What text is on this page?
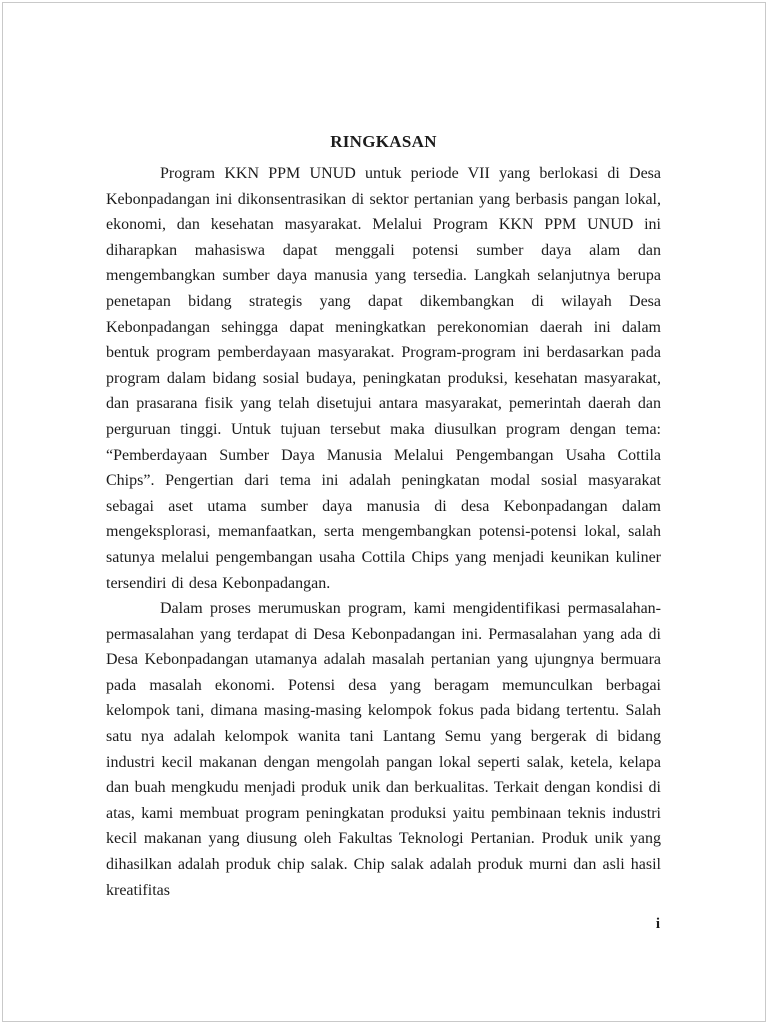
RINGKASAN

Program KKN PPM UNUD untuk periode VII yang berlokasi di Desa Kebonpadangan ini dikonsentrasikan di sektor pertanian yang berbasis pangan lokal, ekonomi, dan kesehatan masyarakat. Melalui Program KKN PPM UNUD ini diharapkan mahasiswa dapat menggali potensi sumber daya alam dan mengembangkan sumber daya manusia yang tersedia. Langkah selanjutnya berupa penetapan bidang strategis yang dapat dikembangkan di wilayah Desa Kebonpadangan sehingga dapat meningkatkan perekonomian daerah ini dalam bentuk program pemberdayaan masyarakat. Program-program ini berdasarkan pada program dalam bidang sosial budaya, peningkatan produksi, kesehatan masyarakat, dan prasarana fisik yang telah disetujui antara masyarakat, pemerintah daerah dan perguruan tinggi. Untuk tujuan tersebut maka diusulkan program dengan tema: “Pemberdayaan Sumber Daya Manusia Melalui Pengembangan Usaha Cottila Chips”. Pengertian dari tema ini adalah peningkatan modal sosial masyarakat sebagai aset utama sumber daya manusia di desa Kebonpadangan dalam mengeksplorasi, memanfaatkan, serta mengembangkan potensi-potensi lokal, salah satunya melalui pengembangan usaha Cottila Chips yang menjadi keunikan kuliner tersendiri di desa Kebonpadangan.

Dalam proses merumuskan program, kami mengidentifikasi permasalahan-permasalahan yang terdapat di Desa Kebonpadangan ini. Permasalahan yang ada di Desa Kebonpadangan utamanya adalah masalah pertanian yang ujungnya bermuara pada masalah ekonomi. Potensi desa yang beragam memunculkan berbagai kelompok tani, dimana masing-masing kelompok fokus pada bidang tertentu. Salah satu nya adalah kelompok wanita tani Lantang Semu yang bergerak di bidang industri kecil makanan dengan mengolah pangan lokal seperti salak, ketela, kelapa dan buah mengkudu menjadi produk unik dan berkualitas. Terkait dengan kondisi di atas, kami membuat program peningkatan produksi yaitu pembinaan teknis industri kecil makanan yang diusung oleh Fakultas Teknologi Pertanian. Produk unik yang dihasilkan adalah produk chip salak. Chip salak adalah produk murni dan asli hasil kreatifitas

i
